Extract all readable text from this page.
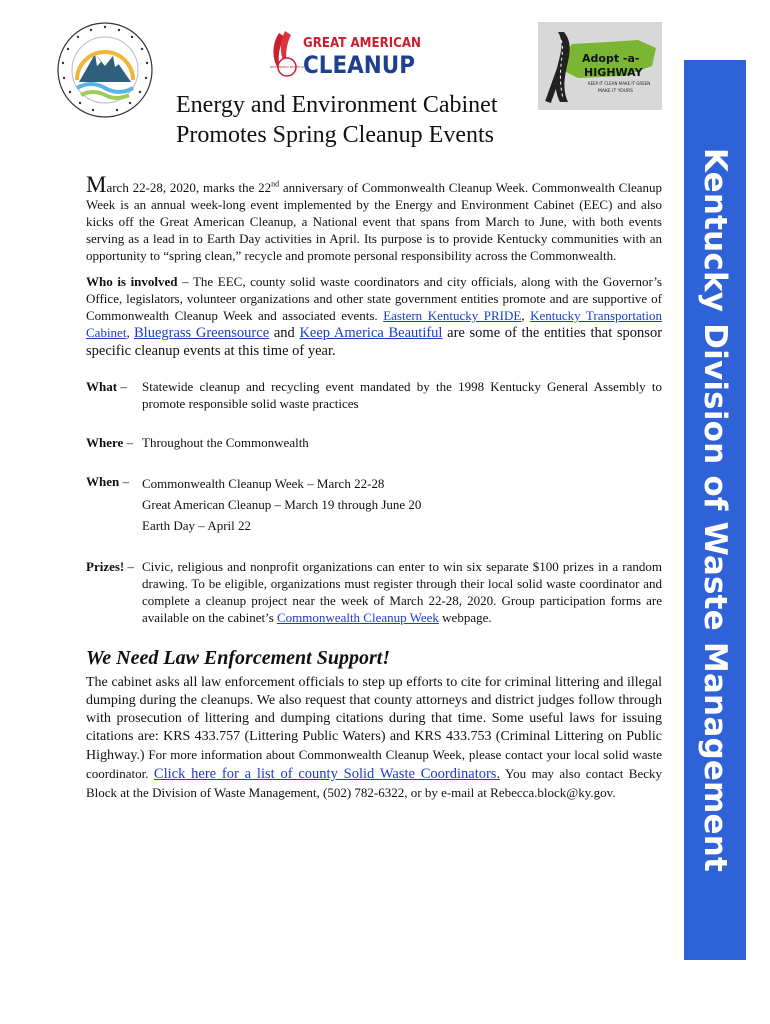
KEEP AMERICA BEAUTIFUL
GREAT AMERICAN
CLEANUP	Adopt -a-
HIGHWAY
KEEP IT CLEAN MAKE IT GREEN
MAKE IT YOURS
Kentucky Division of Waste Management
Energy and Environment Cabinet
Promotes Spring Cleanup Events

March 22-28, 2020, marks the 22nd anniversary of Commonwealth Cleanup Week. Commonwealth Cleanup Week is an annual week-long event implemented by the Energy and Environment Cabinet (EEC) and also kicks off the Great American Cleanup, a National event that spans from March to June, with both events serving as a lead in to Earth Day activities in April. Its purpose is to provide Kentucky communities with an opportunity to “spring clean,” recycle and promote personal responsibility across the Commonwealth.

Who is involved – The EEC, county solid waste coordinators and city officials, along with the Governor’s Office, legislators, volunteer organizations and other state government entities promote and are supportive of Commonwealth Cleanup Week and associated events. Eastern Kentucky PRIDE, Kentucky Transportation Cabinet, Bluegrass Greensource and Keep America Beautiful are some of the entities that sponsor specific cleanup events at this time of year.

What –	Statewide cleanup and recycling event mandated by the 1998 Kentucky General Assembly to promote responsible solid waste practices
Where – Throughout the Commonwealth
When –	Commonwealth Cleanup Week – March 22-28
Great American Cleanup – March 19 through June 20
Earth Day – April 22
Prizes! – Civic, religious and nonprofit organizations can enter to win six separate $100 prizes in a random drawing. To be eligible, organizations must register through their local solid waste coordinator and complete a cleanup project near the week of March 22-28, 2020. Group participation forms are available on the cabinet’s Commonwealth Cleanup Week webpage.
We Need Law Enforcement Support!

The cabinet asks all law enforcement officials to step up efforts to cite for criminal littering and illegal dumping during the cleanups. We also request that county attorneys and district judges follow through with prosecution of littering and dumping citations during that time. Some useful laws for issuing citations are: KRS 433.757 (Littering Public Waters) and KRS 433.753 (Criminal Littering on Public Highway.) For more information about Commonwealth Cleanup Week, please contact your local solid waste coordinator. Click here for a list of county Solid Waste Coordinators. You may also contact Becky Block at the Division of Waste Management, (502) 782-6322, or by e-mail at Rebecca.block@ky.gov.
